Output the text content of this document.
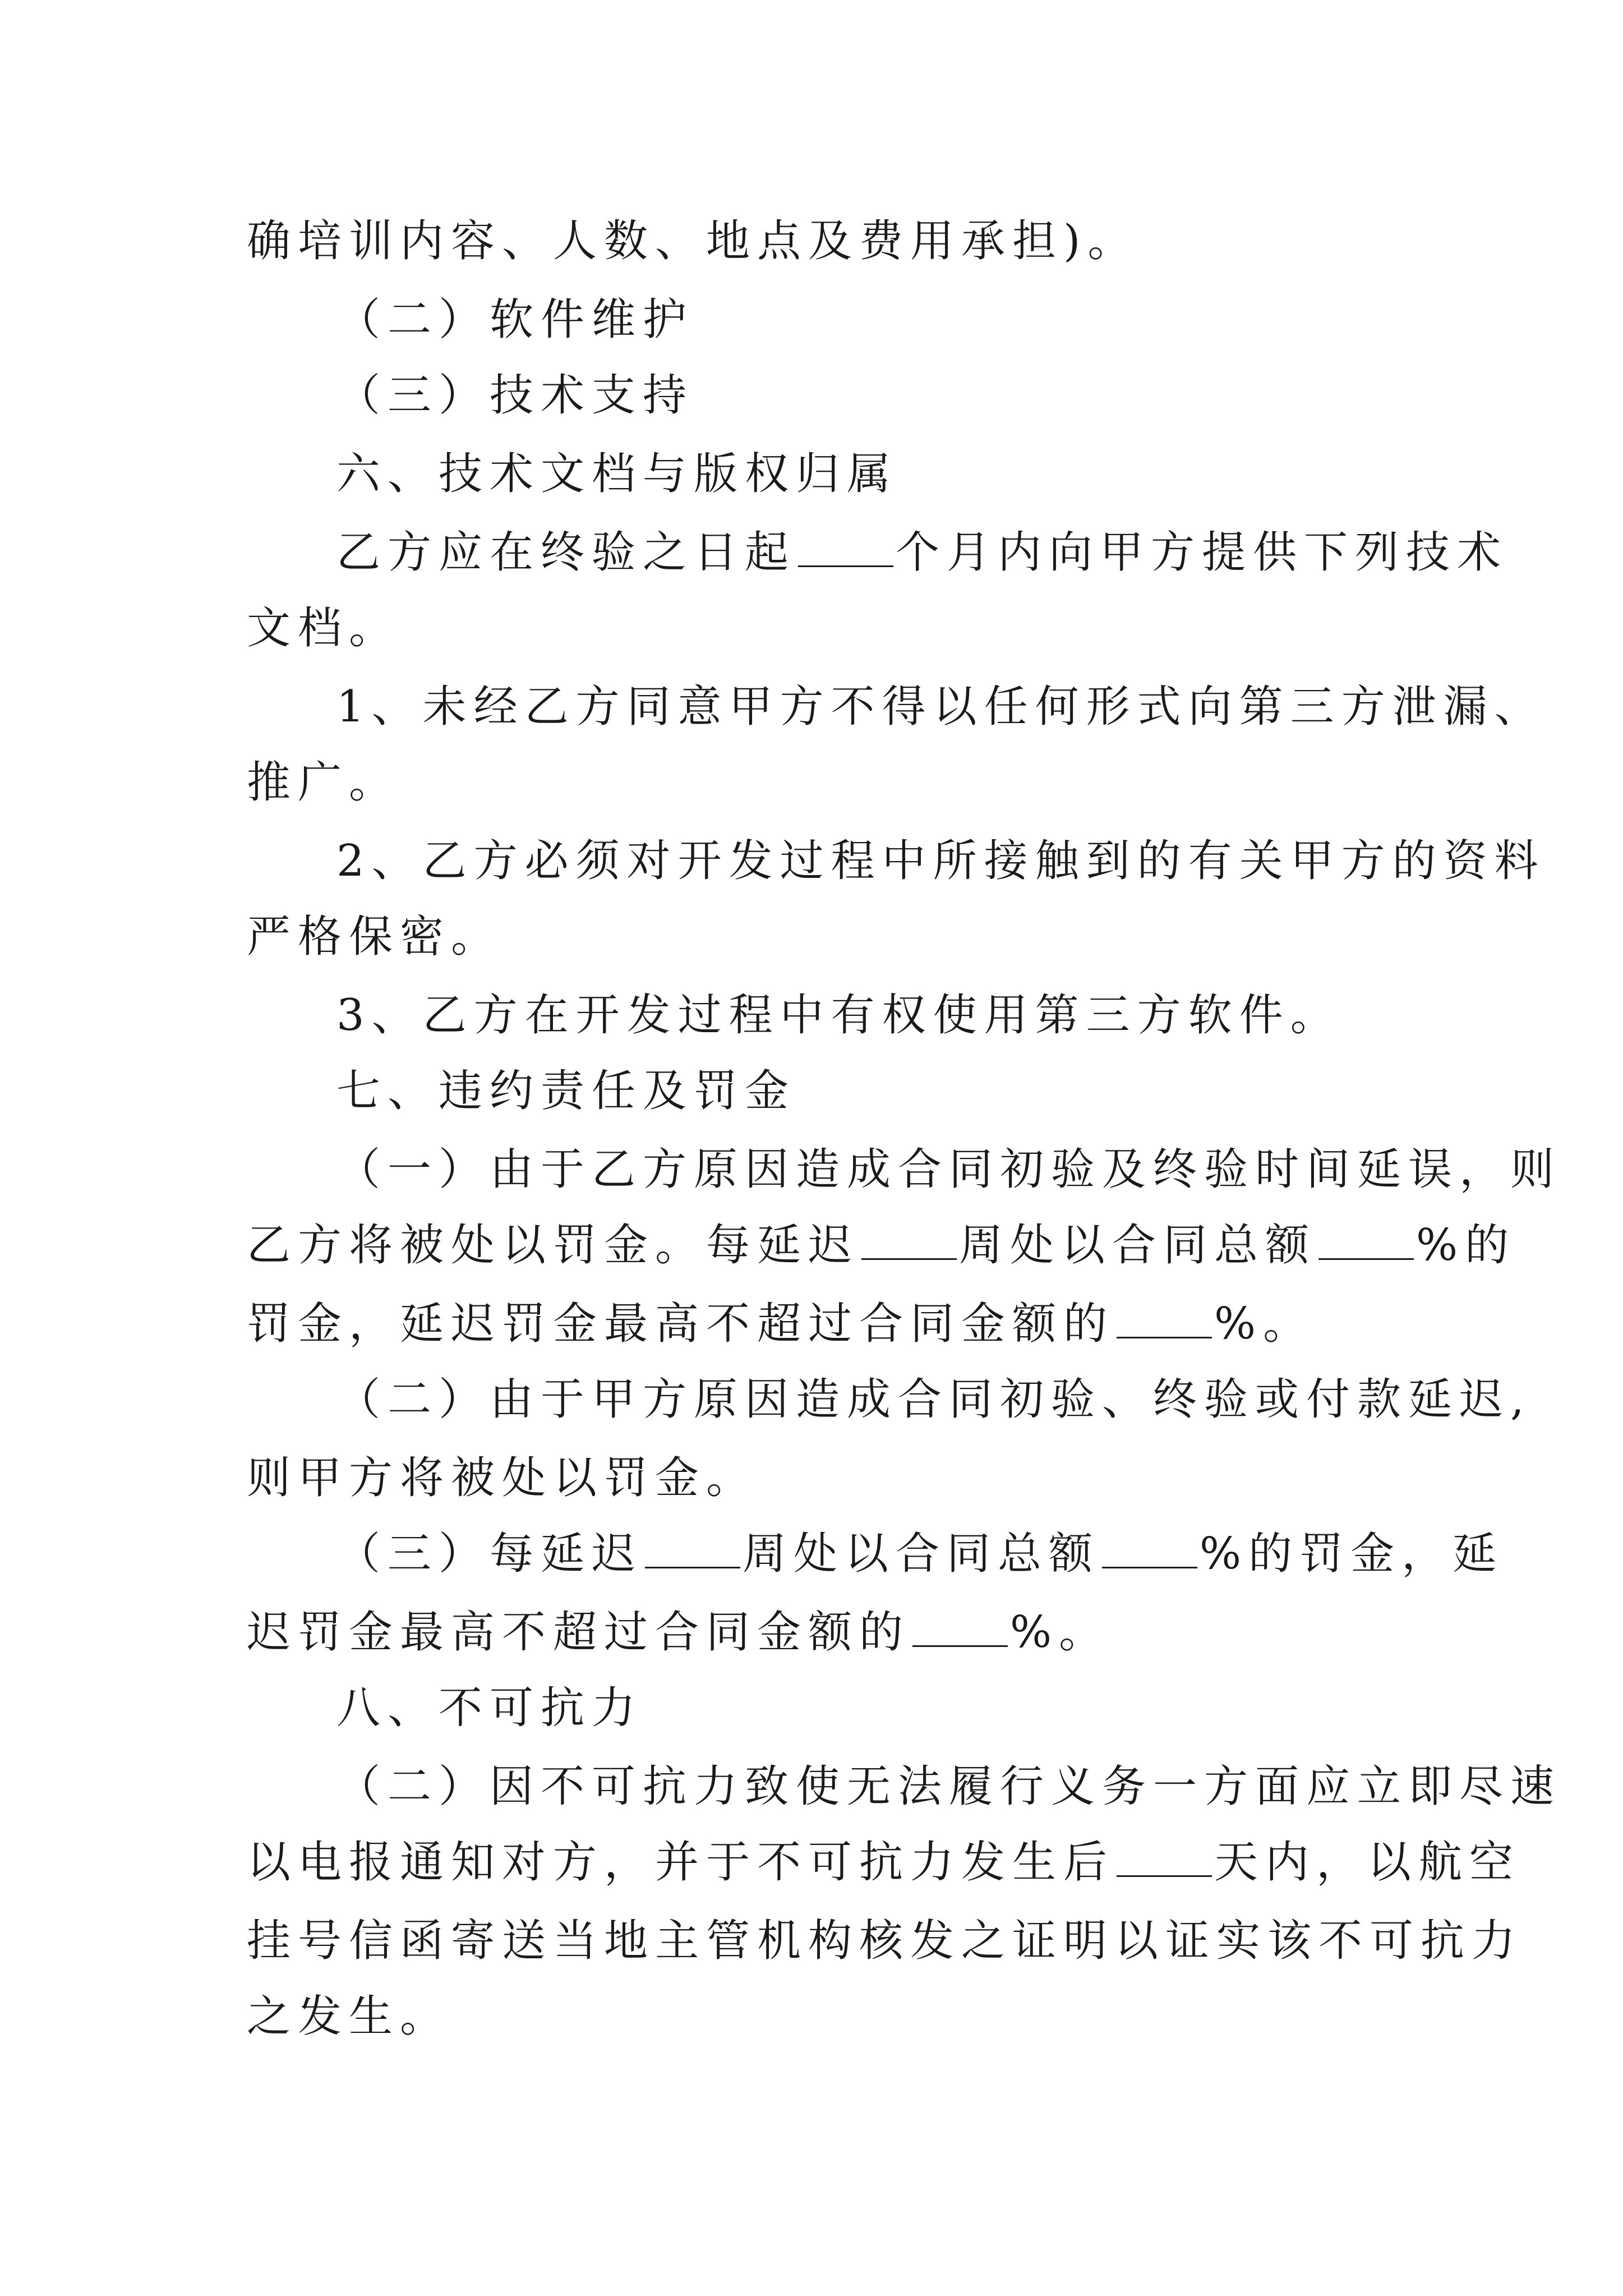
确培训内容、人数、地点及费用承担)。
（二）软件维护
（三）技术支持
六、技术文档与版权归属
乙方应在终验之日起 个月内向甲方提供下列技术
文档。
1、未经乙方同意甲方不得以任何形式向第三方泄漏、
推广。
2、乙方必须对开发过程中所接触到的有关甲方的资料
严格保密。
3、乙方在开发过程中有权使用第三方软件。
七、违约责任及罚金
（一）由于乙方原因造成合同初验及终验时间延误，则
乙方将被处以罚金。每延迟 周处以合同总额 %的
罚金，延迟罚金最高不超过合同金额的 %。
（二）由于甲方原因造成合同初验、终验或付款延迟,
则甲方将被处以罚金。
（三）每延迟 周处以合同总额 %的罚金，延
迟罚金最高不超过合同金额的 %。
八、不可抗力
（二）因不可抗力致使无法履行义务一方面应立即尽速
以电报通知对方，并于不可抗力发生后 天内，以航空
挂号信函寄送当地主管机构核发之证明以证实该不可抗力
之发生。
